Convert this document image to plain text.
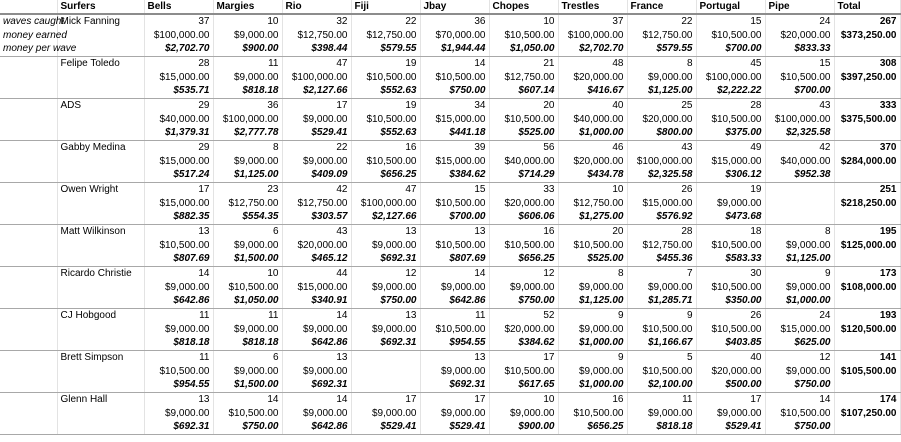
	Surfers	Bells	Margies	Rio	Fiji	Jbay	Chopes	Trestles	France	Portugal	Pipe	Total
waves caught	Mick Fanning	37	10	32	22	36	10	37	22	15	24	267
money earned		$100,000.00	$9,000.00	$12,750.00	$12,750.00	$70,000.00	$10,500.00	$100,000.00	$12,750.00	$10,500.00	$20,000.00	$373,250.00
money per wave		$2,702.70	$900.00	$398.44	$579.55	$1,944.44	$1,050.00	$2,702.70	$579.55	$700.00	$833.33	
	Felipe Toledo	28	11	47	19	14	21	48	8	45	15	308
		$15,000.00	$9,000.00	$100,000.00	$10,500.00	$10,500.00	$12,750.00	$20,000.00	$9,000.00	$100,000.00	$10,500.00	$397,250.00
		$535.71	$818.18	$2,127.66	$552.63	$750.00	$607.14	$416.67	$1,125.00	$2,222.22	$700.00	
	ADS	29	36	17	19	34	20	40	25	28	43	333
		$40,000.00	$100,000.00	$9,000.00	$10,500.00	$15,000.00	$10,500.00	$40,000.00	$20,000.00	$10,500.00	$100,000.00	$375,500.00
		$1,379.31	$2,777.78	$529.41	$552.63	$441.18	$525.00	$1,000.00	$800.00	$375.00	$2,325.58	
	Gabby Medina	29	8	22	16	39	56	46	43	49	42	370
		$15,000.00	$9,000.00	$9,000.00	$10,500.00	$15,000.00	$40,000.00	$20,000.00	$100,000.00	$15,000.00	$40,000.00	$284,000.00
		$517.24	$1,125.00	$409.09	$656.25	$384.62	$714.29	$434.78	$2,325.58	$306.12	$952.38	
	Owen Wright	17	23	42	47	15	33	10	26	19		251
		$15,000.00	$12,750.00	$12,750.00	$100,000.00	$10,500.00	$20,000.00	$12,750.00	$15,000.00	$9,000.00		$218,250.00
		$882.35	$554.35	$303.57	$2,127.66	$700.00	$606.06	$1,275.00	$576.92	$473.68		
	Matt Wilkinson	13	6	43	13	13	16	20	28	18	8	195
		$10,500.00	$9,000.00	$20,000.00	$9,000.00	$10,500.00	$10,500.00	$10,500.00	$12,750.00	$10,500.00	$9,000.00	$125,000.00
		$807.69	$1,500.00	$465.12	$692.31	$807.69	$656.25	$525.00	$455.36	$583.33	$1,125.00	
	Ricardo Christie	14	10	44	12	14	12	8	7	30	9	173
		$9,000.00	$10,500.00	$15,000.00	$9,000.00	$9,000.00	$9,000.00	$9,000.00	$9,000.00	$10,500.00	$9,000.00	$108,000.00
		$642.86	$1,050.00	$340.91	$750.00	$642.86	$750.00	$1,125.00	$1,285.71	$350.00	$1,000.00	
	CJ Hobgood	11	11	14	13	11	52	9	9	26	24	193
		$9,000.00	$9,000.00	$9,000.00	$9,000.00	$10,500.00	$20,000.00	$9,000.00	$10,500.00	$10,500.00	$15,000.00	$120,500.00
		$818.18	$818.18	$642.86	$692.31	$954.55	$384.62	$1,000.00	$1,166.67	$403.85	$625.00	
	Brett Simpson	11	6	13		13	17	9	5	40	12	141
		$10,500.00	$9,000.00	$9,000.00		$9,000.00	$10,500.00	$9,000.00	$10,500.00	$20,000.00	$9,000.00	$105,500.00
		$954.55	$1,500.00	$692.31		$692.31	$617.65	$1,000.00	$2,100.00	$500.00	$750.00	
	Glenn Hall	13	14	14	17	17	10	16	11	17	14	174
		$9,000.00	$10,500.00	$9,000.00	$9,000.00	$9,000.00	$9,000.00	$10,500.00	$9,000.00	$9,000.00	$10,500.00	$107,250.00
		$692.31	$750.00	$642.86	$529.41	$529.41	$900.00	$656.25	$818.18	$529.41	$750.00	
